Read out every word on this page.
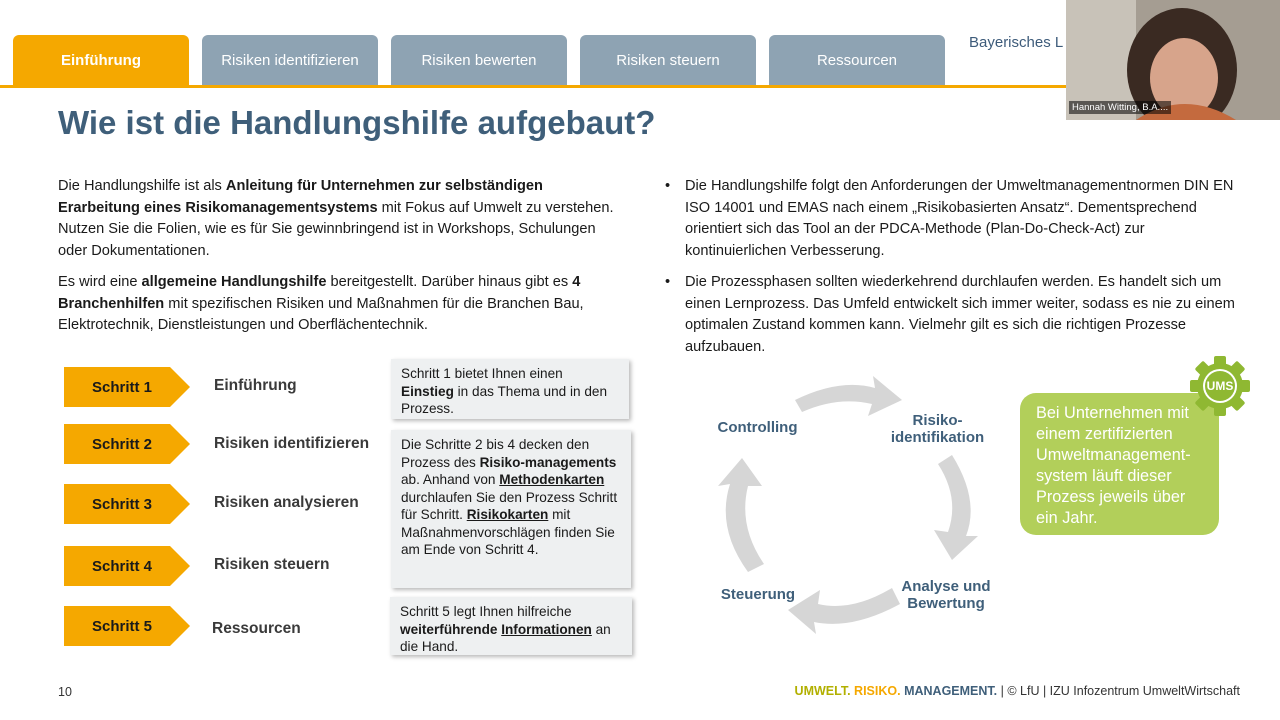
Einführung	Risiken identifizieren	Risiken bewerten	Risiken steuern	Ressourcen
Bayerisches L
Wie ist die Handlungshilfe aufgebaut?
Die Handlungshilfe ist als Anleitung für Unternehmen zur selbständigen Erarbeitung eines Risikomanagementsystems mit Fokus auf Umwelt zu verstehen. Nutzen Sie die Folien, wie es für Sie gewinnbringend ist in Workshops, Schulungen oder Dokumentationen.
Es wird eine allgemeine Handlungshilfe bereitgestellt. Darüber hinaus gibt es 4 Branchenhilfen mit spezifischen Risiken und Maßnahmen für die Branchen Bau, Elektrotechnik, Dienstleistungen und Oberflächentechnik.
• Die Handlungshilfe folgt den Anforderungen der Umweltmanagementnormen DIN EN ISO 14001 und EMAS nach einem „Risikobasierten Ansatz“. Dementsprechend orientiert sich das Tool an der PDCA-Methode (Plan-Do-Check-Act) zur kontinuierlichen Verbesserung.
• Die Prozessphasen sollten wiederkehrend durchlaufen werden. Es handelt sich um einen Lernprozess. Das Umfeld entwickelt sich immer weiter, sodass es nie zu einem optimalen Zustand kommen kann. Vielmehr gilt es sich die richtigen Prozesse aufzubauen.
Schritt 1	Einführung
Schritt 2	Risiken identifizieren
Schritt 3	Risiken analysieren
Schritt 4	Risiken steuern
Schritt 5	Ressourcen
Schritt 1 bietet Ihnen einen Einstieg in das Thema und in den Prozess.
Die Schritte 2 bis 4 decken den Prozess des Risiko-managements ab. Anhand von Methodenkarten durchlaufen Sie den Prozess Schritt für Schritt. Risikokarten mit Maßnahmenvorschlägen finden Sie am Ende von Schritt 4.
Schritt 5 legt Ihnen hilfreiche weiterführende Informationen an die Hand.
Risiko-
identifikation
Analyse und
Bewertung
Steuerung
Controlling
Bei Unternehmen mit einem zertifizierten Umweltmanagement-system läuft dieser Prozess jeweils über ein Jahr.
UMS
10	UMWELT. RISIKO. MANAGEMENT. | © LfU | IZU Infozentrum UmweltWirtschaft
Hannah Witting, B.A....
